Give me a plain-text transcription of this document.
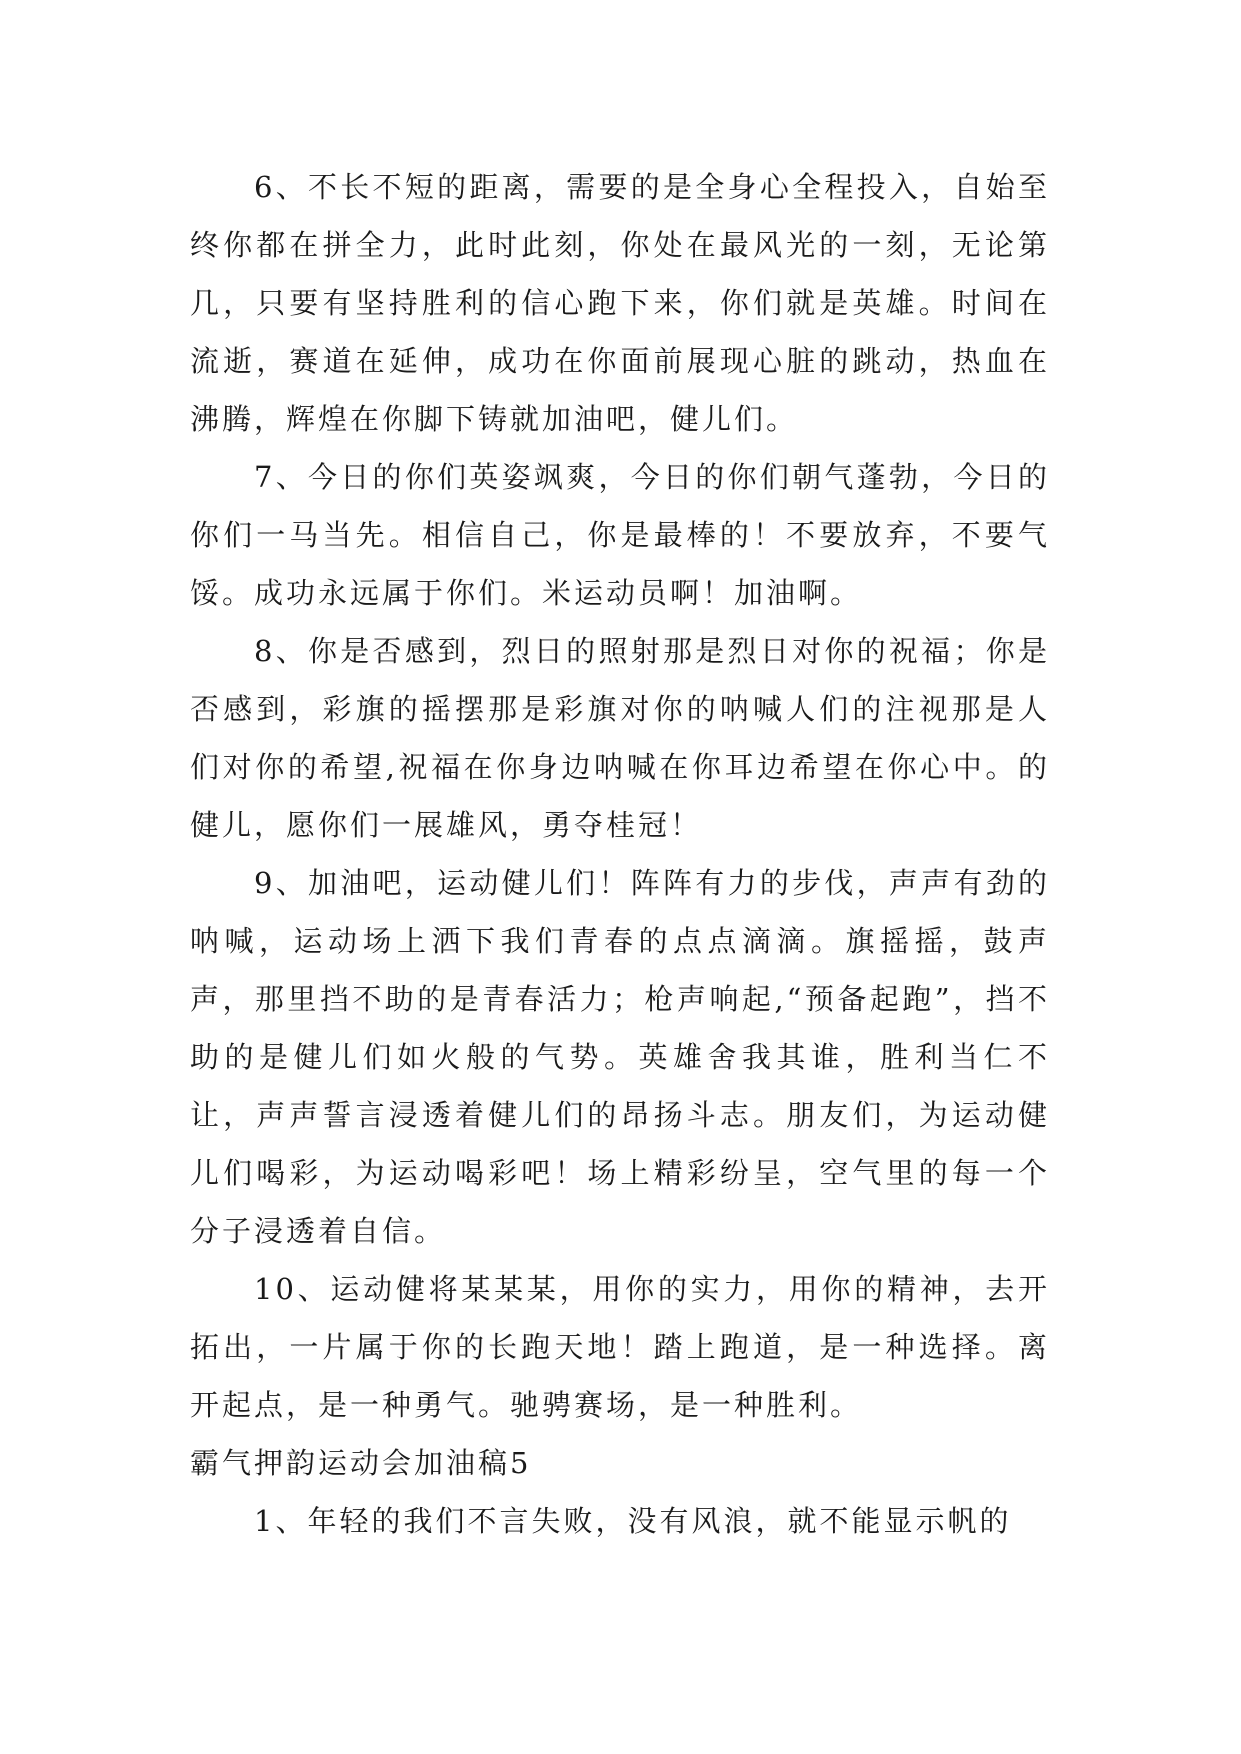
6、不长不短的距离，需要的是全身心全程投入，自始至终你都在拼全力，此时此刻，你处在最风光的一刻，无论第几，只要有坚持胜利的信心跑下来，你们就是英雄。时间在流逝，赛道在延伸，成功在你面前展现心脏的跳动，热血在沸腾，辉煌在你脚下铸就加油吧，健儿们。

7、今日的你们英姿飒爽，今日的你们朝气蓬勃，今日的你们一马当先。相信自己，你是最棒的！不要放弃，不要气馁。成功永远属于你们。米运动员啊！加油啊。

8、你是否感到，烈日的照射那是烈日对你的祝福；你是否感到，彩旗的摇摆那是彩旗对你的呐喊人们的注视那是人们对你的希望,祝福在你身边呐喊在你耳边希望在你心中。的健儿，愿你们一展雄风，勇夺桂冠！

9、加油吧，运动健儿们！阵阵有力的步伐，声声有劲的呐喊，运动场上洒下我们青春的点点滴滴。旗摇摇，鼓声声，那里挡不助的是青春活力；枪声响起,“预备起跑”，挡不助的是健儿们如火般的气势。英雄舍我其谁，胜利当仁不让，声声誓言浸透着健儿们的昂扬斗志。朋友们，为运动健儿们喝彩，为运动喝彩吧！场上精彩纷呈，空气里的每一个分子浸透着自信。

10、运动健将某某某，用你的实力，用你的精神，去开拓出，一片属于你的长跑天地！踏上跑道，是一种选择。离开起点，是一种勇气。驰骋赛场，是一种胜利。

霸气押韵运动会加油稿5

1、年轻的我们不言失败，没有风浪，就不能显示帆的
